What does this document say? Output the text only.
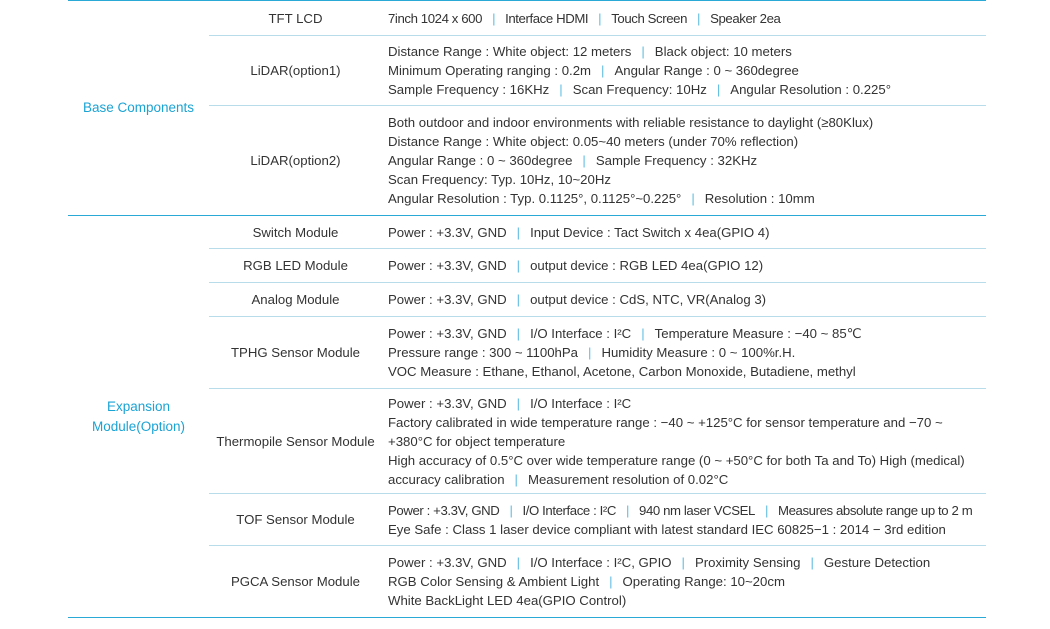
Base Components	TFT LCD	7inch 1024 x 600 | Interface HDMI | Touch Screen | Speaker 2ea

	LiDAR(option1)	Distance Range : White object: 12 meters | Black object: 10 meters
Minimum Operating ranging : 0.2m | Angular Range : 0 ~ 360degree
Sample Frequency : 16KHz | Scan Frequency: 10Hz | Angular Resolution : 0.225°

	LiDAR(option2)	Both outdoor and indoor environments with reliable resistance to daylight (≥80Klux)
Distance Range : White object: 0.05~40 meters (under 70% reflection)
Angular Range : 0 ~ 360degree | Sample Frequency : 32KHz
Scan Frequency: Typ. 10Hz, 10~20Hz
Angular Resolution : Typ. 0.1125°, 0.1125°~0.225° | Resolution : 10mm

Expansion Module(Option)	Switch Module	Power : +3.3V, GND | Input Device : Tact Switch x 4ea(GPIO 4)

	RGB LED Module	Power : +3.3V, GND | output device : RGB LED 4ea(GPIO 12)

	Analog Module	Power : +3.3V, GND | output device : CdS, NTC, VR(Analog 3)

	TPHG Sensor Module	Power : +3.3V, GND | I/O Interface : I²C | Temperature Measure : −40 ~ 85℃
Pressure range : 300 ~ 1100hPa | Humidity Measure : 0 ~ 100%r.H.
VOC Measure : Ethane, Ethanol, Acetone, Carbon Monoxide, Butadiene, methyl

	Thermopile Sensor Module	Power : +3.3V, GND | I/O Interface : I²C
Factory calibrated in wide temperature range : −40 ~ +125°C for sensor temperature and −70 ~ +380°C for object temperature
High accuracy of 0.5°C over wide temperature range (0 ~ +50°C for both Ta and To) High (medical) accuracy calibration | Measurement resolution of 0.02°C

	TOF Sensor Module	Power : +3.3V, GND | I/O Interface : I²C | 940 nm laser VCSEL | Measures absolute range up to 2 m
Eye Safe : Class 1 laser device compliant with latest standard IEC 60825−1 : 2014 − 3rd edition

	PGCA Sensor Module	Power : +3.3V, GND | I/O Interface : I²C, GPIO | Proximity Sensing | Gesture Detection
RGB Color Sensing & Ambient Light | Operating Range: 10~20cm
White BackLight LED 4ea(GPIO Control)
